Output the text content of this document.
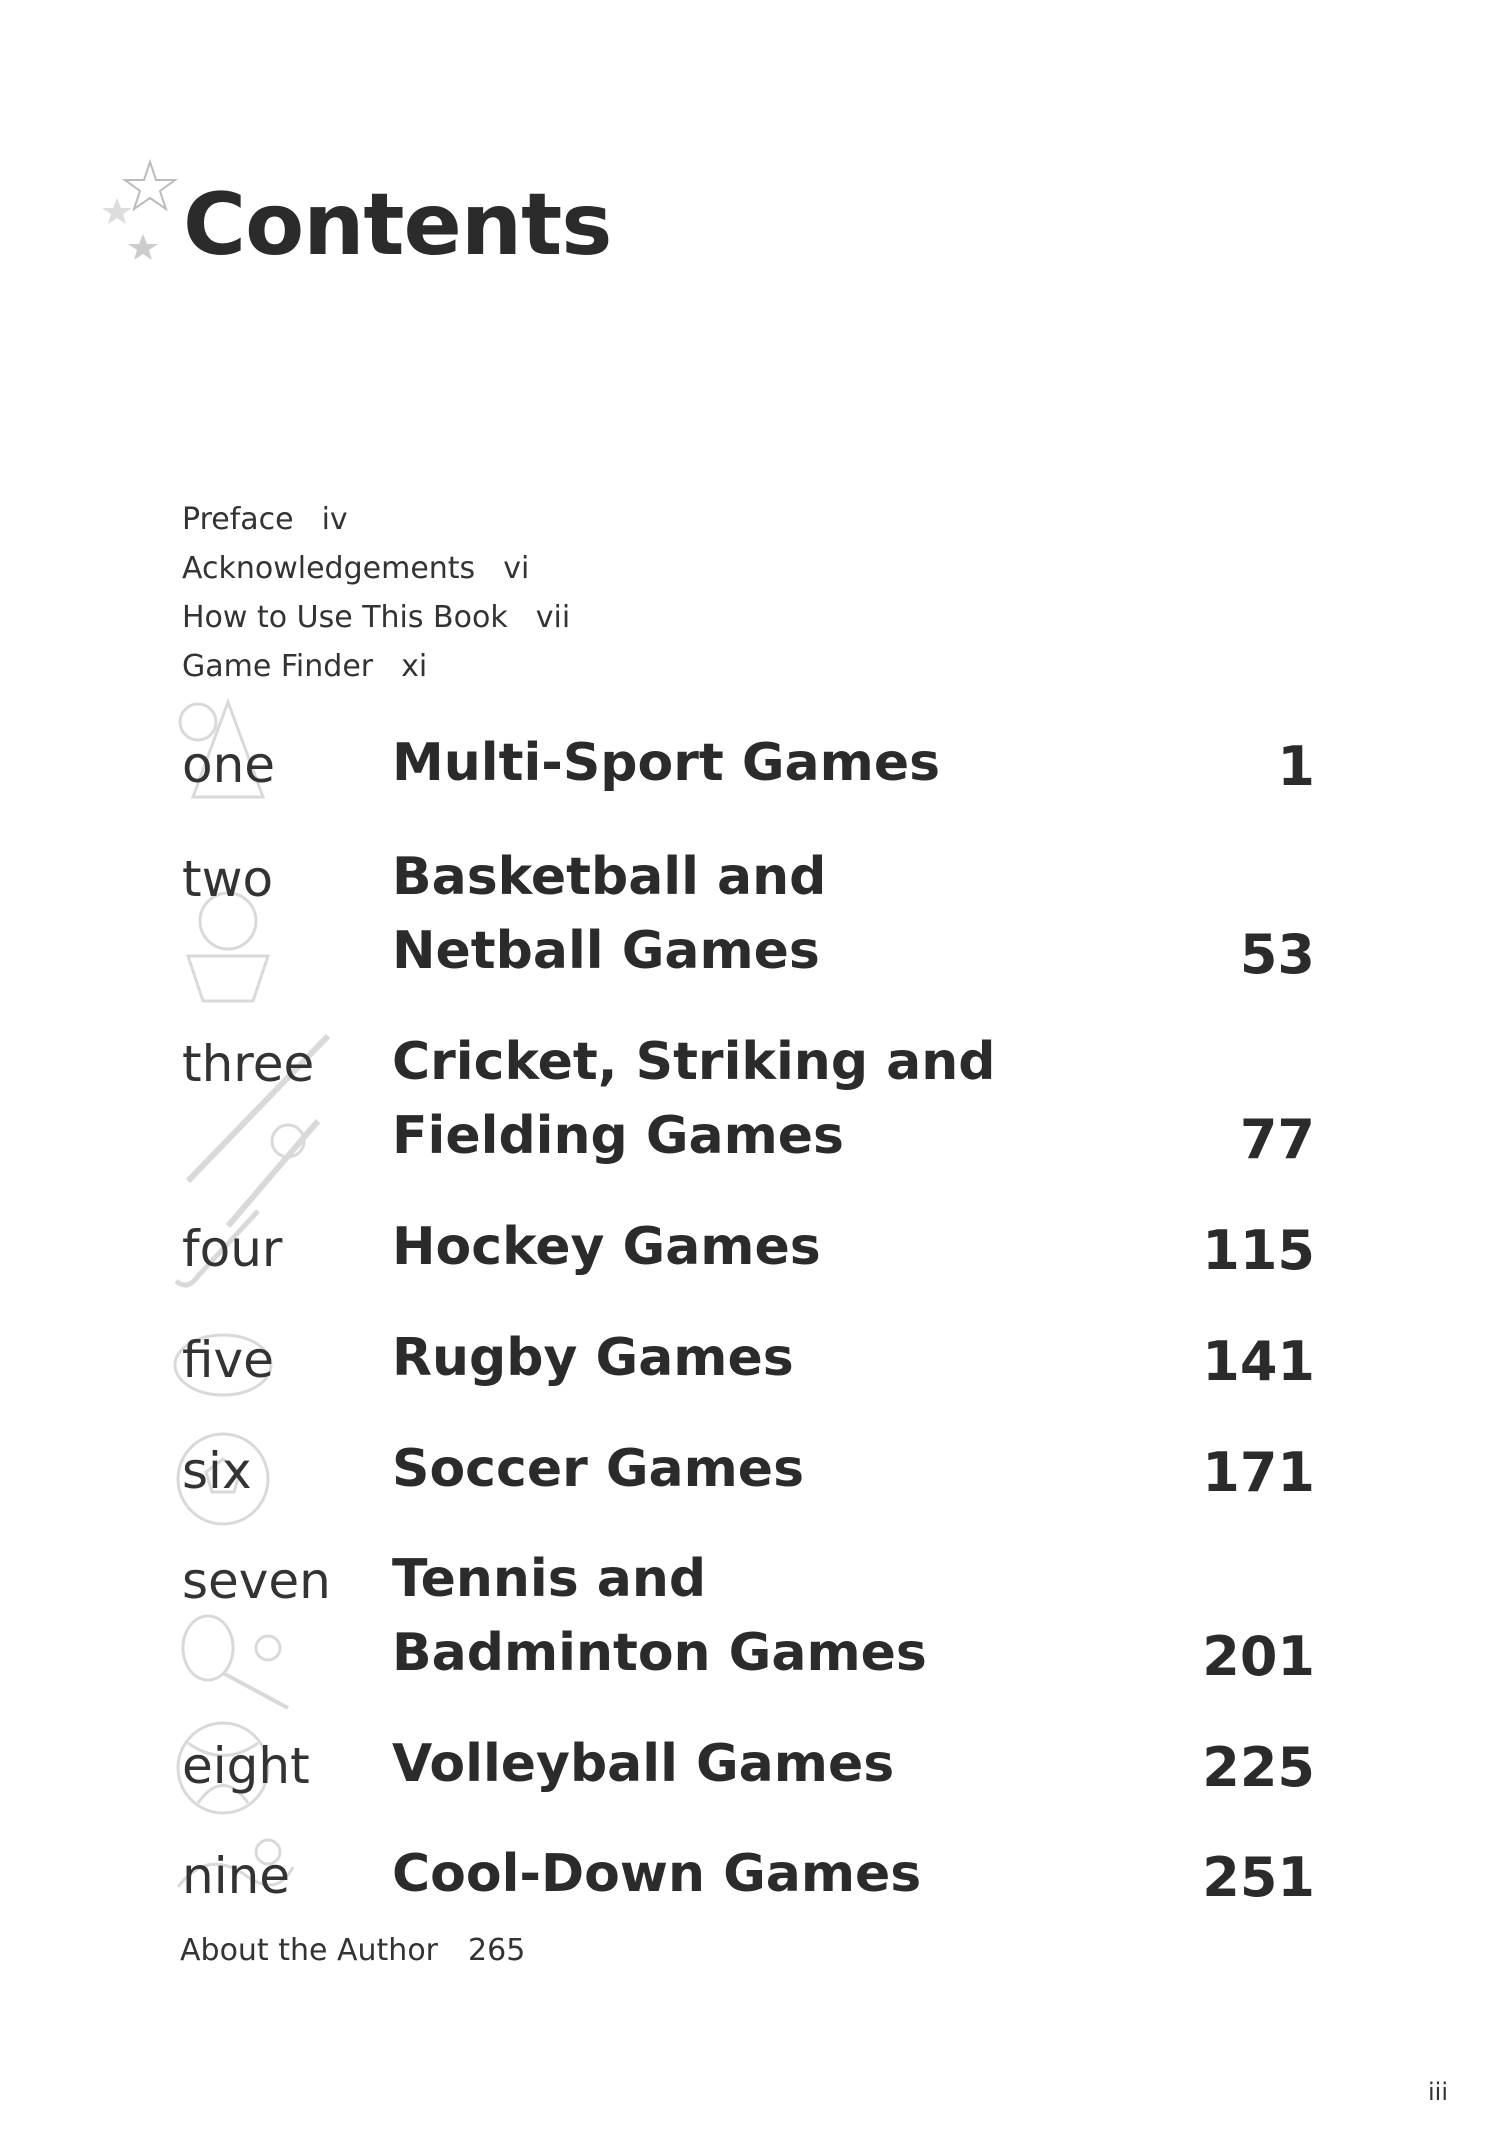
Contents
Preface iv
Acknowledgements vi
How to Use This Book vii
Game Finder xi
one Multi-Sport Games	1
two Basketball and
Netball Games	53
three Cricket, Striking and
Fielding Games	77
four Hockey Games	115
five Rugby Games	141
six	Soccer Games	171
seven Tennis and
Badminton Games	201
eight Volleyball Games	225
nine Cool-Down Games	251
About the Author 265
iii
